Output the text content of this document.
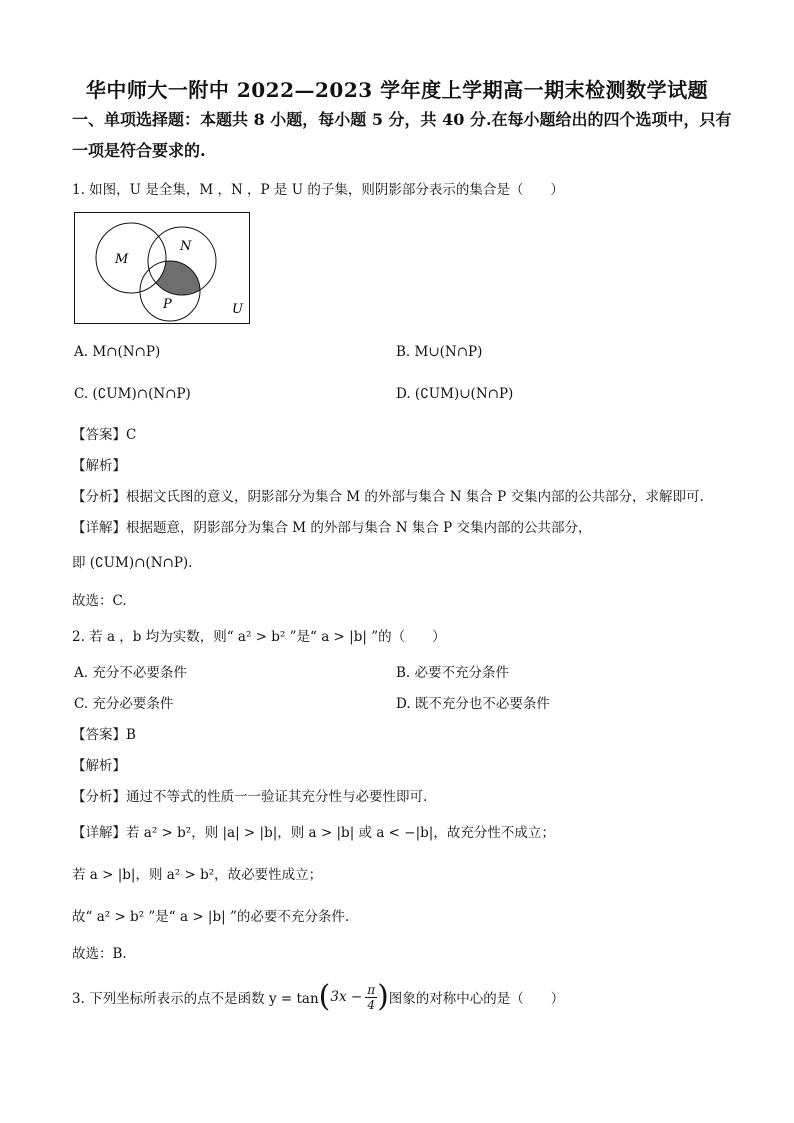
华中师大一附中 2022—2023 学年度上学期高一期末检测数学试题
一、单项选择题：本题共 8 小题，每小题 5 分，共 40 分.在每小题给出的四个选项中，只有
一项是符合要求的.
1. 如图，U 是全集，M ，N ，P 是 U 的子集，则阴影部分表示的集合是（　　）
M
N
P	U
A. M∩(N∩P)	B. M∪(N∩P)
C. (∁UM)∩(N∩P)	D. (∁UM)∪(N∩P)
【答案】C
【解析】
【分析】根据文氏图的意义，阴影部分为集合 M 的外部与集合 N 集合 P 交集内部的公共部分，求解即可.
【详解】根据题意，阴影部分为集合 M 的外部与集合 N 集合 P 交集内部的公共部分，
即 (∁UM)∩(N∩P).
故选：C.
2. 若 a ，b 均为实数，则“ a² > b² ”是“ a > |b| ”的（　　）
A. 充分不必要条件	B. 必要不充分条件
C. 充分必要条件	D. 既不充分也不必要条件
【答案】B
【解析】
【分析】通过不等式的性质一一验证其充分性与必要性即可.
【详解】若 a² > b²，则 |a| > |b|，则 a > |b| 或 a < −|b|，故充分性不成立；
若 a > |b|，则 a² > b²，故必要性成立；
故“ a² > b² ”是“ a > |b| ”的必要不充分条件.
故选：B.
3. 下列坐标所表示的点不是函数 y = tan ( $3x - \frac{\pi}{4}$ ) 图象的对称中心的是（　　）
